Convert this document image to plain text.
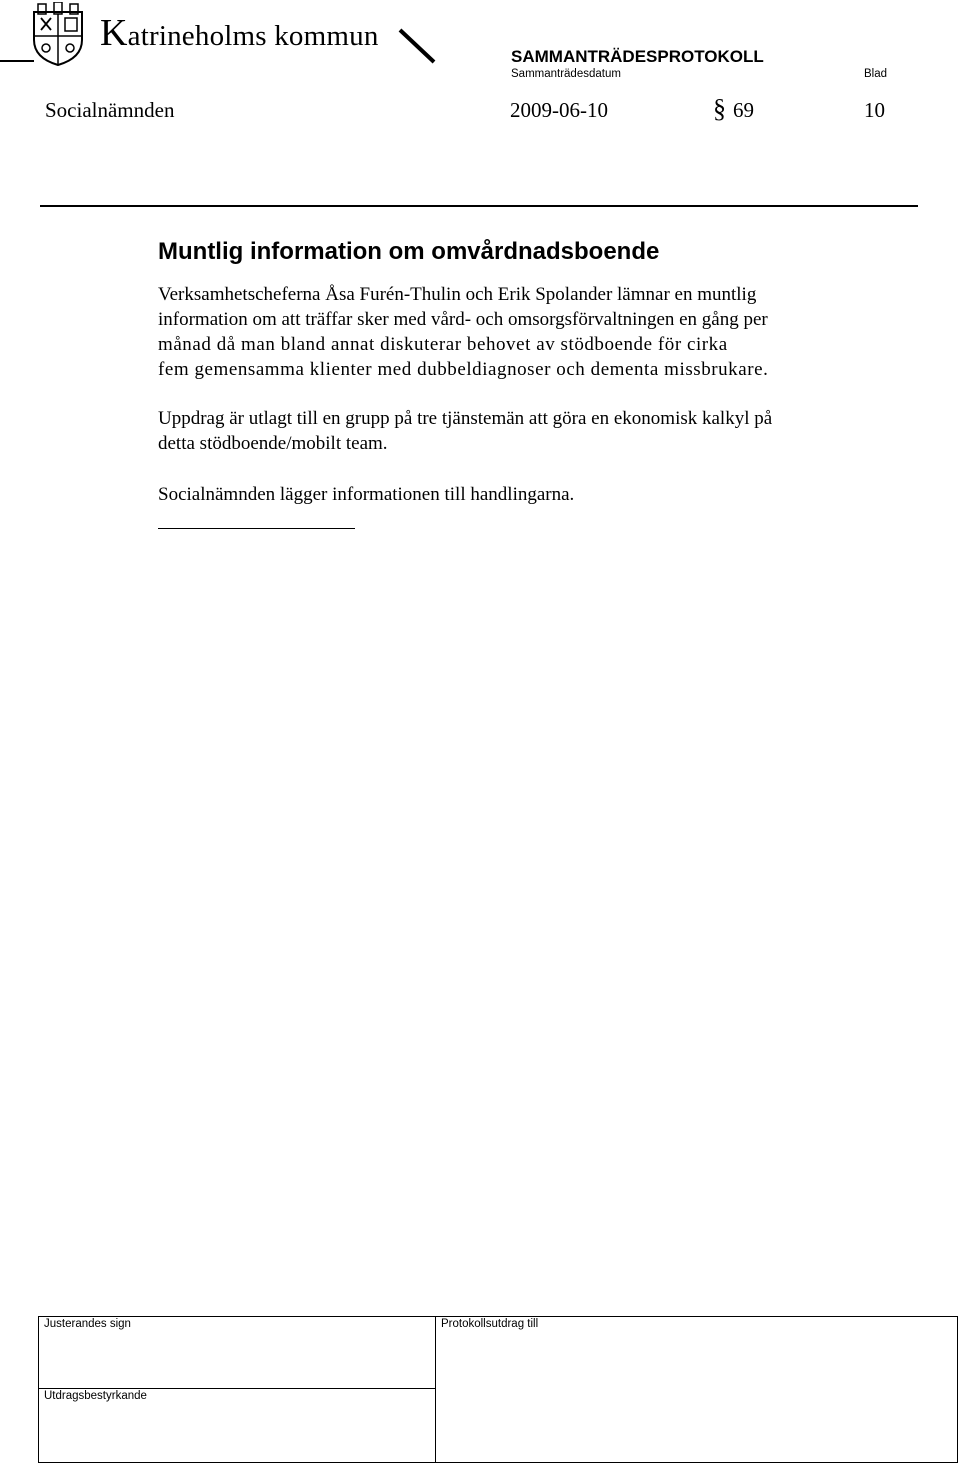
Katrineholms kommun
SAMMANTRÄDESPROTOKOLL
Sammanträdesdatum	Blad
Socialnämnden	2009-06-10	§ 69	10
Muntlig information om omvårdnadsboende

Verksamhetscheferna Åsa Furén-Thulin och Erik Spolander lämnar en muntlig
information om att träffar sker med vård- och omsorgsförvaltningen en gång per
månad då man bland annat diskuterar behovet av stödboende för cirka
fem gemensamma klienter med dubbeldiagnoser och dementa missbrukare.

Uppdrag är utlagt till en grupp på tre tjänstemän att göra en ekonomisk kalkyl på
detta stödboende/mobilt team.

Socialnämnden lägger informationen till handlingarna.

Justerandes sign	Protokollsutdrag till
Utdragsbestyrkande
